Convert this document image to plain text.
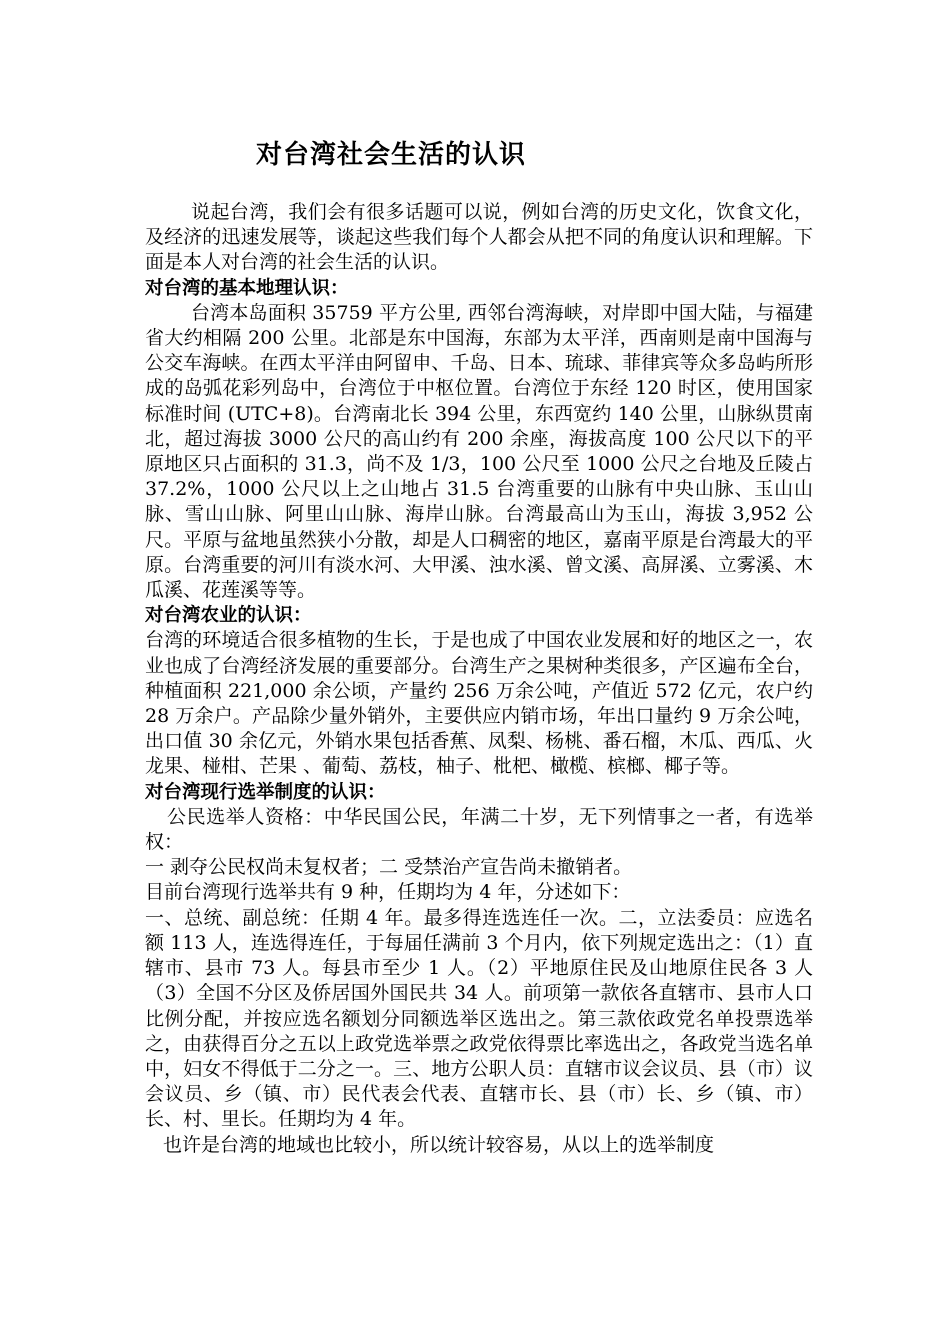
对台湾社会生活的认识

说起台湾，我们会有很多话题可以说，例如台湾的历史文化，饮食文化，及经济的迅速发展等，谈起这些我们每个人都会从把不同的角度认识和理解。下面是本人对台湾的社会生活的认识。

对台湾的基本地理认识：

台湾本岛面积 35759 平方公里, 西邻台湾海峡，对岸即中国大陆，与福建省大约相隔 200 公里。北部是东中国海，东部为太平洋，西南则是南中国海与公交车海峡。在西太平洋由阿留申、千岛、日本、琉球、菲律宾等众多岛屿所形成的岛弧花彩列岛中，台湾位于中枢位置。台湾位于东经 120 时区，使用国家标准时间 (UTC+8)。台湾南北长 394 公里，东西宽约 140 公里，山脉纵贯南北，超过海拔 3000 公尺的高山约有 200 余座，海拔高度 100 公尺以下的平原地区只占面积的 31.3，尚不及 1/3，100 公尺至 1000 公尺之台地及丘陵占 37.2%，1000 公尺以上之山地占 31.5 台湾重要的山脉有中央山脉、玉山山脉、雪山山脉、阿里山山脉、海岸山脉。台湾最高山为玉山，海拔 3,952 公尺。平原与盆地虽然狭小分散，却是人口稠密的地区，嘉南平原是台湾最大的平原。台湾重要的河川有淡水河、大甲溪、浊水溪、曾文溪、高屏溪、立雾溪、木瓜溪、花莲溪等等。

对台湾农业的认识：

台湾的环境适合很多植物的生长，于是也成了中国农业发展和好的地区之一，农业也成了台湾经济发展的重要部分。台湾生产之果树种类很多，产区遍布全台，种植面积 221,000 余公顷，产量约 256 万余公吨，产值近 572 亿元，农户约 28 万余户。产品除少量外销外，主要供应内销市场，年出口量约 9 万余公吨，出口值 30 余亿元，外销水果包括香蕉、凤梨、杨桃、番石榴，木瓜、西瓜、火龙果、椪柑、芒果 、葡萄、荔枝，柚子、枇杷、橄榄、槟榔、椰子等。

对台湾现行选举制度的认识：

公民选举人资格：中华民国公民，年满二十岁，无下列情事之一者，有选举权：

一 剥夺公民权尚未复权者；二 受禁治产宣告尚未撤销者。

目前台湾现行选举共有 9 种，任期均为 4 年，分述如下：

一、总统、副总统：任期 4 年。最多得连选连任一次。二，立法委员：应选名额 113 人，连选得连任，于每届任满前 3 个月内，依下列规定选出之：（1）直辖市、县市 73 人。每县市至少 1 人。（2）平地原住民及山地原住民各 3 人（3）全国不分区及侨居国外国民共 34 人。前项第一款依各直辖市、县市人口比例分配，并按应选名额划分同额选举区选出之。第三款依政党名单投票选举之，由获得百分之五以上政党选举票之政党依得票比率选出之，各政党当选名单中，妇女不得低于二分之一。三、地方公职人员：直辖市议会议员、县（市）议会议员、乡（镇、市）民代表会代表、直辖市长、县（市）长、乡（镇、市）长、村、里长。任期均为 4 年。

也许是台湾的地域也比较小，所以统计较容易，从以上的选举制度
